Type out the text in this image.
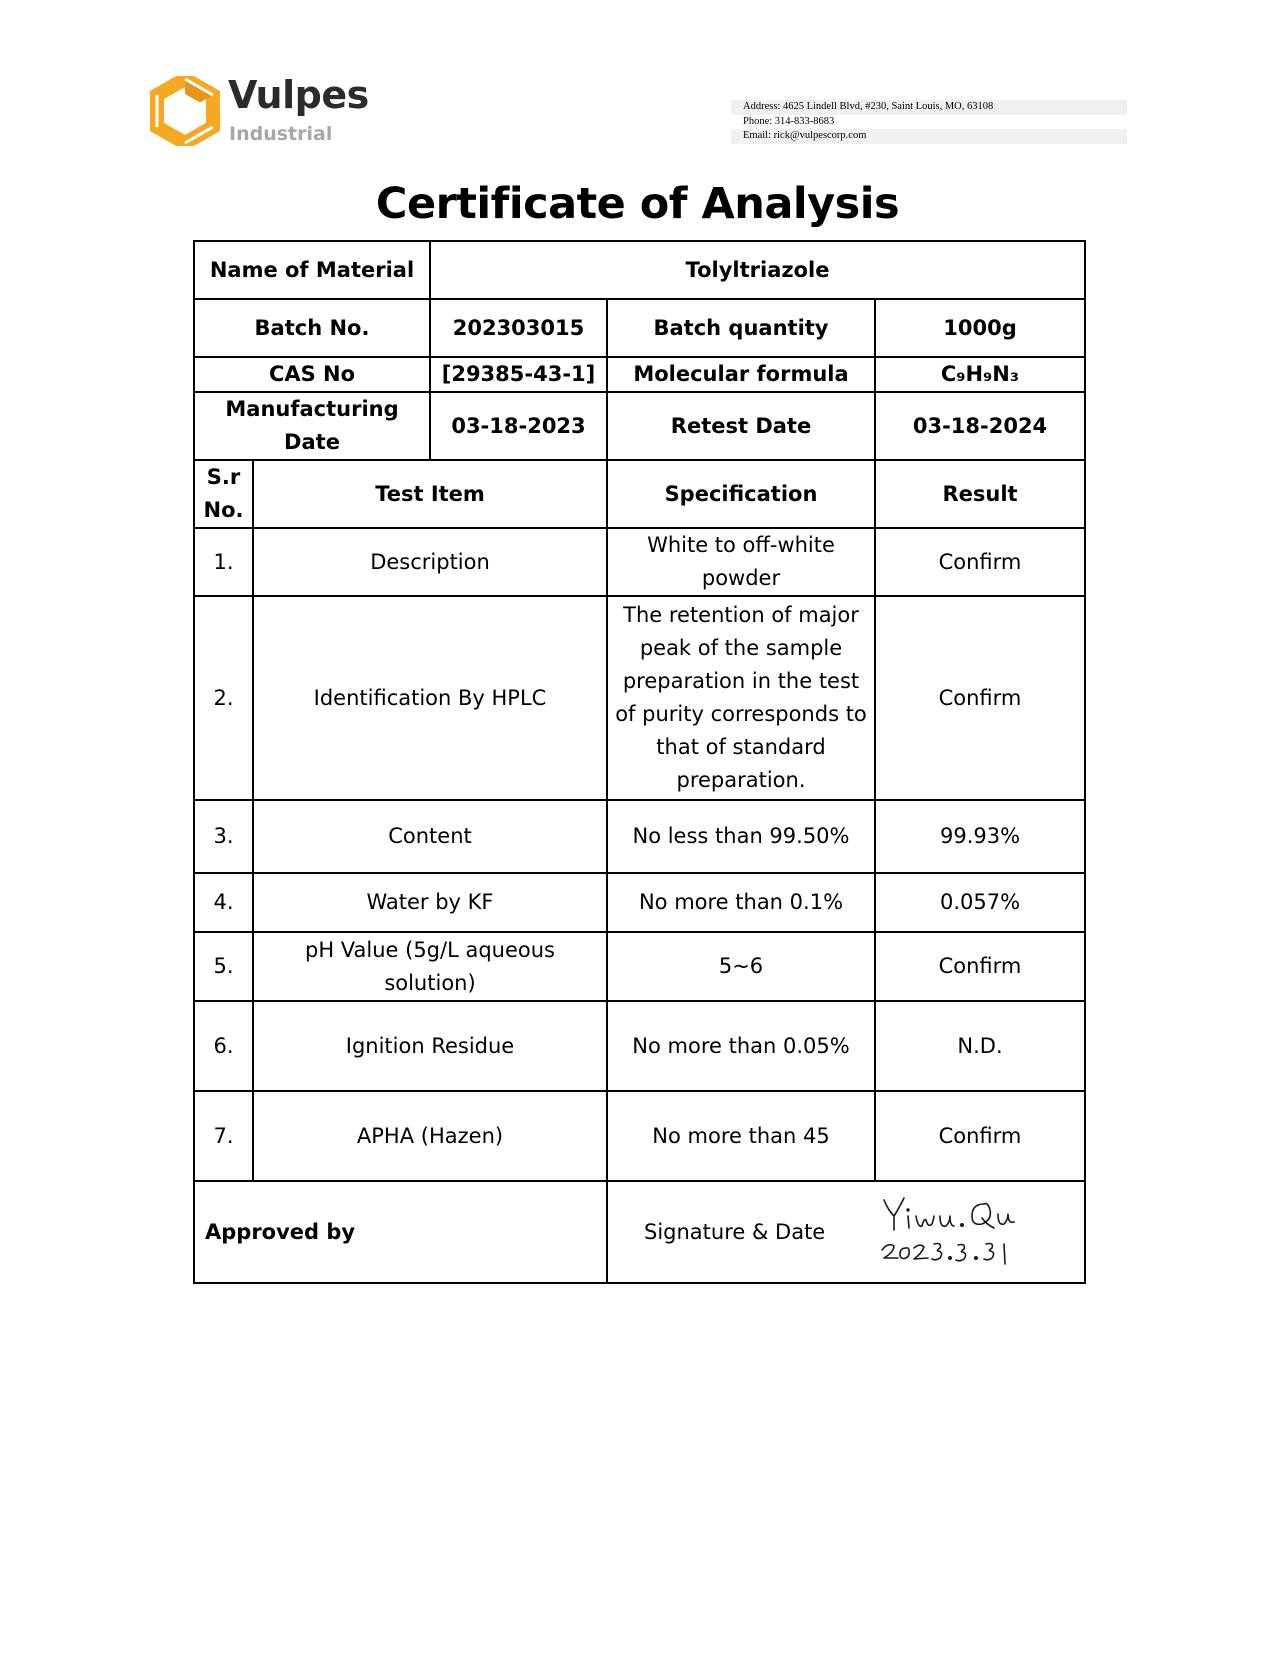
Vulpes
Industrial
Address: 4625 Lindell Blvd, #230, Saint Louis, MO, 63108
Phone: 314-833-8683
Email: rick@vulpescorp.com
Certificate of Analysis
Name of Material		Tolyltriazole		
Batch No.		202303015	Batch quantity	1000g
CAS No		[29385-43-1]	Molecular formula	C₉H₉N₃
Manufacturing Date		03-18-2023	Retest Date	03-18-2024

S.r
No.	Test Item		Specification	Result
1.	Description		White to off-white powder	Confirm
2.	Identification By HPLC		The retention of major peak of the sample preparation in the test of purity corresponds to that of standard preparation.	Confirm
3.	Content		No less than 99.50%	99.93%
4.	Water by KF		No more than 0.1%	0.057%
5.	pH Value (5g/L aqueous solution)		5~6	Confirm
6.	Ignition Residue		No more than 0.05%	N.D.
7.	APHA (Hazen)		No more than 45	Confirm
Approved by			Signature & Date	
